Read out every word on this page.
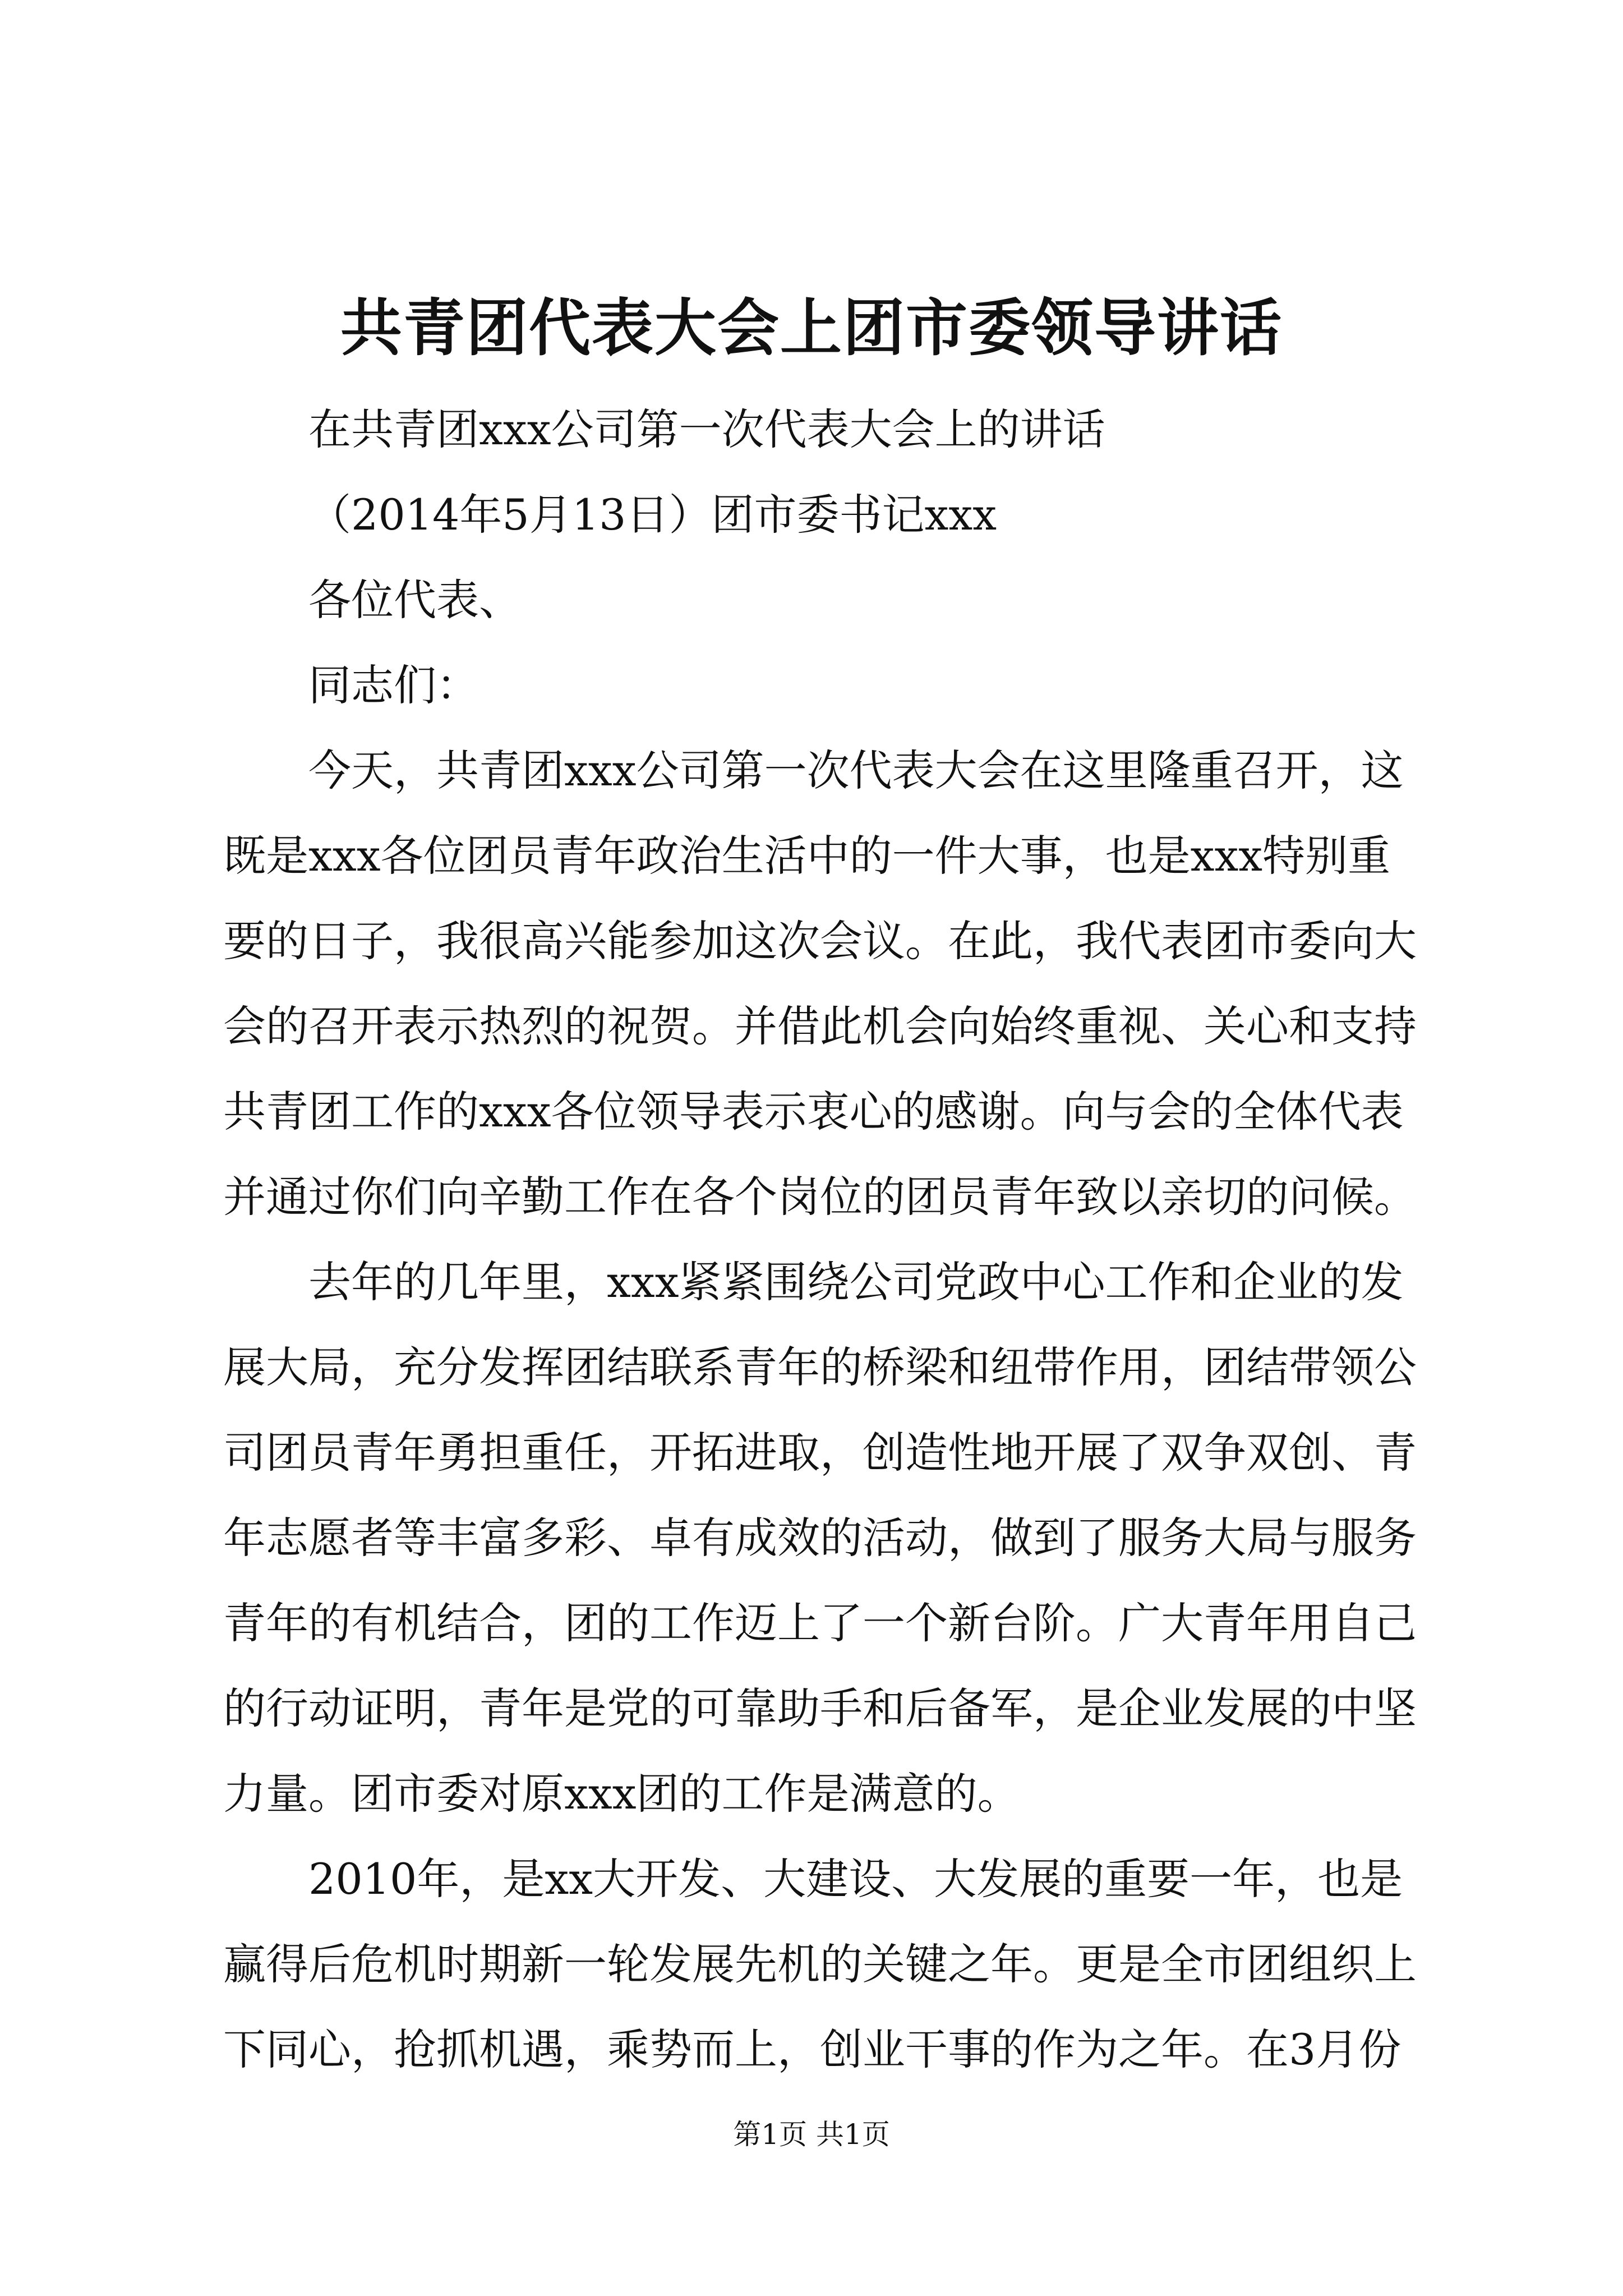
共青团代表大会上团市委领导讲话
在共青团xxx公司第一次代表大会上的讲话
（2014年5月13日）团市委书记xxx
各位代表、
同志们：
今天，共青团xxx公司第一次代表大会在这里隆重召开，这
既是xxx各位团员青年政治生活中的一件大事，也是xxx特别重
要的日子，我很高兴能参加这次会议。在此，我代表团市委向大
会的召开表示热烈的祝贺。并借此机会向始终重视、关心和支持
共青团工作的xxx各位领导表示衷心的感谢。向与会的全体代表
并通过你们向辛勤工作在各个岗位的团员青年致以亲切的问候。
去年的几年里，xxx紧紧围绕公司党政中心工作和企业的发
展大局，充分发挥团结联系青年的桥梁和纽带作用，团结带领公
司团员青年勇担重任，开拓进取，创造性地开展了双争双创、青
年志愿者等丰富多彩、卓有成效的活动，做到了服务大局与服务
青年的有机结合，团的工作迈上了一个新台阶。广大青年用自己
的行动证明，青年是党的可靠助手和后备军，是企业发展的中坚
力量。团市委对原xxx团的工作是满意的。
2010年，是xx大开发、大建设、大发展的重要一年，也是
赢得后危机时期新一轮发展先机的关键之年。更是全市团组织上
下同心，抢抓机遇，乘势而上，创业干事的作为之年。在3月份
第1页 共1页
